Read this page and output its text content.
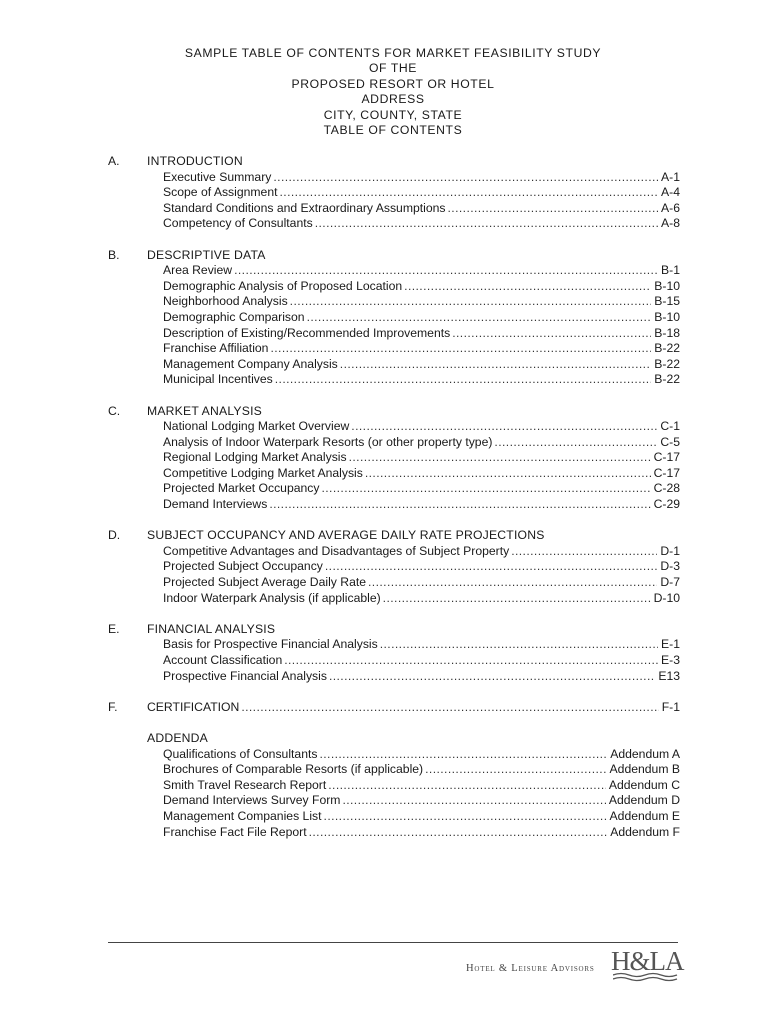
SAMPLE TABLE OF CONTENTS FOR MARKET FEASIBILITY STUDY
OF THE
PROPOSED RESORT OR HOTEL
ADDRESS
CITY, COUNTY, STATE
TABLE OF CONTENTS
A.	INTRODUCTION
Executive Summary .....	A-1
Scope of Assignment .....	A-4
Standard Conditions and Extraordinary Assumptions .....	A-6
Competency of Consultants .....	A-8
B.	DESCRIPTIVE DATA
Area Review .....	B-1
Demographic Analysis of Proposed Location .....	B-10
Neighborhood Analysis .....	B-15
Demographic Comparison .....	B-10
Description of Existing/Recommended Improvements .....	B-18
Franchise Affiliation .....	B-22
Management Company Analysis .....	B-22
Municipal Incentives .....	B-22
C.	MARKET ANALYSIS
National Lodging Market Overview .....	C-1
Analysis of Indoor Waterpark Resorts (or other property type) .....	C-5
Regional Lodging Market Analysis .....	C-17
Competitive Lodging Market Analysis .....	C-17
Projected Market Occupancy .....	C-28
Demand Interviews .....	C-29
D.	SUBJECT OCCUPANCY AND AVERAGE DAILY RATE PROJECTIONS
Competitive Advantages and Disadvantages of Subject Property .....	D-1
Projected Subject Occupancy .....	D-3
Projected Subject Average Daily Rate .....	D-7
Indoor Waterpark Analysis (if applicable) .....	D-10
E.	FINANCIAL ANALYSIS
Basis for Prospective Financial Analysis .....	E-1
Account Classification .....	E-3
Prospective Financial Analysis .....	E13
F.	CERTIFICATION .....	F-1
ADDENDA
Qualifications of Consultants .....	Addendum A
Brochures of Comparable Resorts (if applicable) .....	Addendum B
Smith Travel Research Report .....	Addendum C
Demand Interviews Survey Form .....	Addendum D
Management Companies List .....	Addendum E
Franchise Fact File Report .....	Addendum F
Hotel & Leisure Advisors H&LA
